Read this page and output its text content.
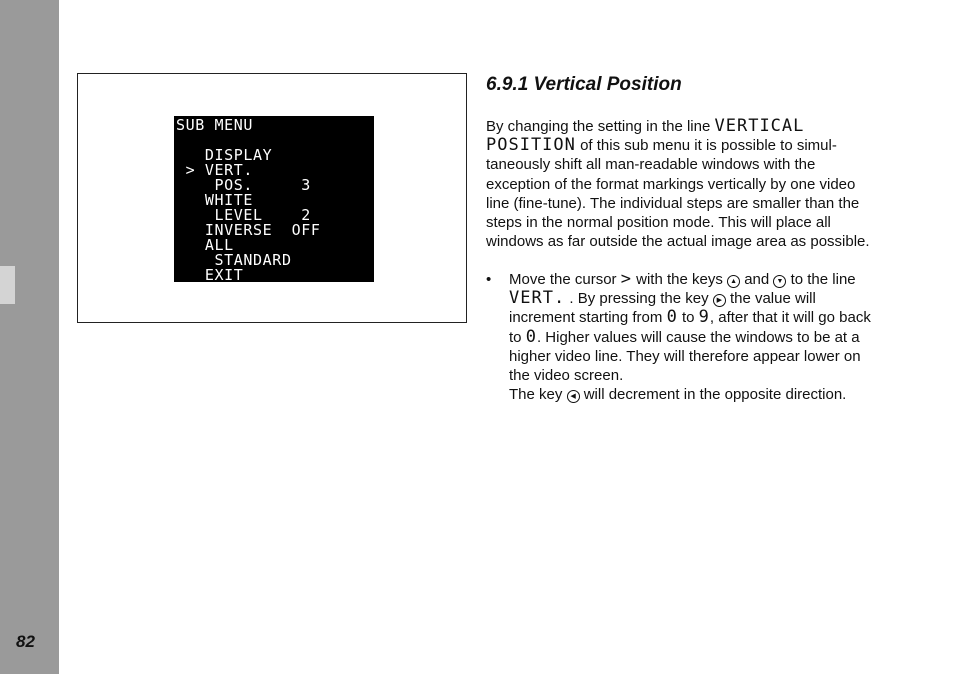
82
SUB MENU
DISPLAY
> VERT.
POS.     3
WHITE
LEVEL    2
INVERSE  OFF
ALL
STANDARD
EXIT
6.9.1 Vertical Position
By changing the setting in the line VERTICAL POSITION of this sub menu it is possible to simul-taneously shift all man-readable windows with the exception of the format markings vertically by one video line (fine-tune). The individual steps are smaller than the steps in the normal position mode. This will place all windows as far outside the actual image area as possible.
• Move the cursor > with the keys ▲ and ▼ to the line VERT. . By pressing the key ▶ the value will increment starting from 0 to 9, after that it will go back to 0. Higher values will cause the windows to be at a higher video line. They will therefore appear lower on the video screen.
The key ◀ will decrement in the opposite direction.
